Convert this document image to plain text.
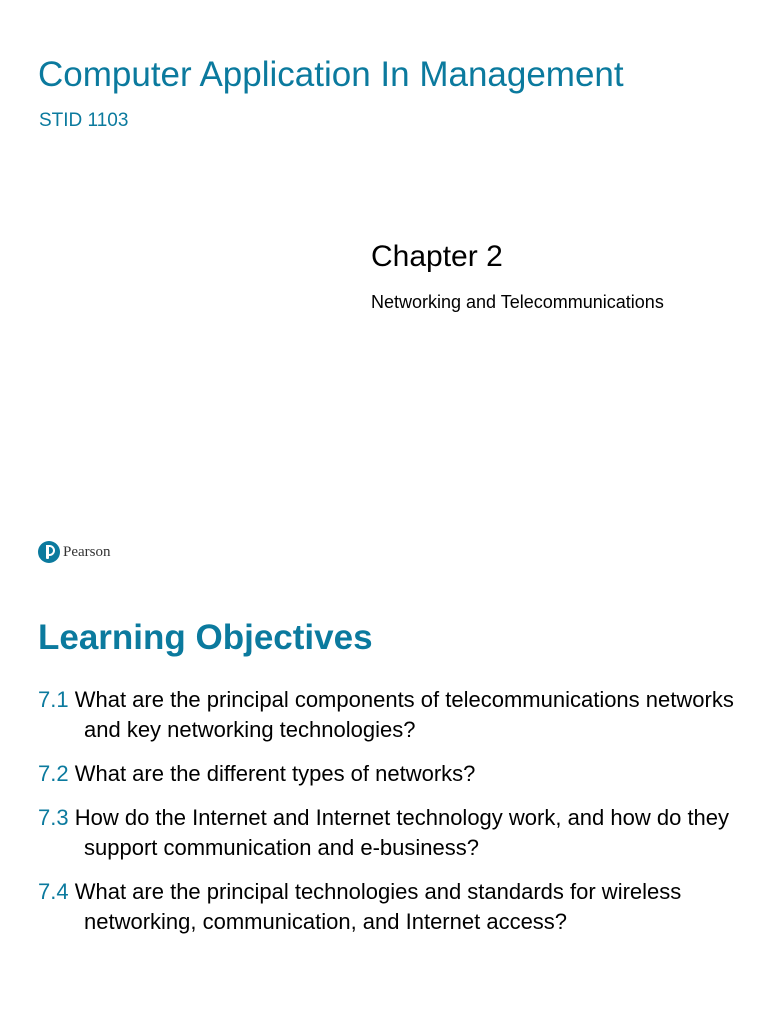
Computer Application In Management
STID 1103
Chapter 2
Networking and Telecommunications
Pearson
Learning Objectives
7.1 What are the principal components of telecommunications networks and key networking technologies?
7.2 What are the different types of networks?
7.3 How do the Internet and Internet technology work, and how do they support communication and e-business?
7.4 What are the principal technologies and standards for wireless networking, communication, and Internet access?
